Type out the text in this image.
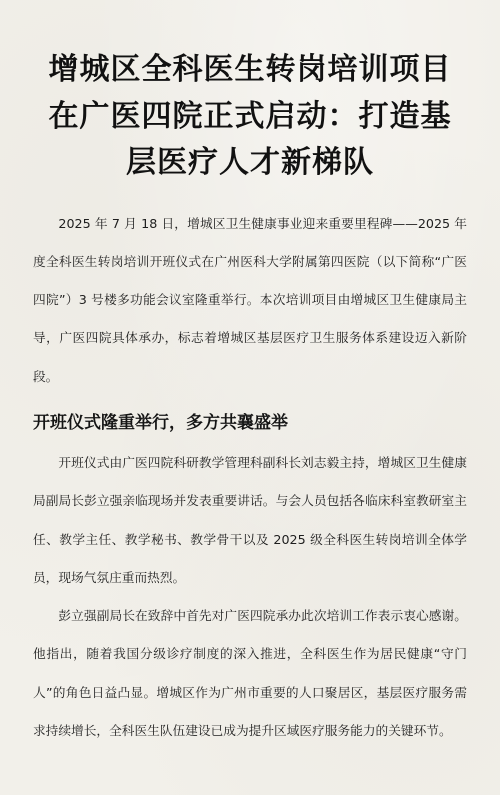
增城区全科医生转岗培训项目在广医四院正式启动：打造基层医疗人才新梯队

2025 年 7 月 18 日，增城区卫生健康事业迎来重要里程碑——2025 年度全科医生转岗培训开班仪式在广州医科大学附属第四医院（以下简称“广医四院”）3 号楼多功能会议室隆重举行。本次培训项目由增城区卫生健康局主导，广医四院具体承办，标志着增城区基层医疗卫生服务体系建设迈入新阶段。

开班仪式隆重举行，多方共襄盛举

开班仪式由广医四院科研教学管理科副科长刘志毅主持，增城区卫生健康局副局长彭立强亲临现场并发表重要讲话。与会人员包括各临床科室教研室主任、教学主任、教学秘书、教学骨干以及 2025 级全科医生转岗培训全体学员，现场气氛庄重而热烈。

彭立强副局长在致辞中首先对广医四院承办此次培训工作表示衷心感谢。他指出，随着我国分级诊疗制度的深入推进，全科医生作为居民健康“守门人”的角色日益凸显。增城区作为广州市重要的人口聚居区，基层医疗服务需求持续增长，全科医生队伍建设已成为提升区域医疗服务能力的关键环节。
